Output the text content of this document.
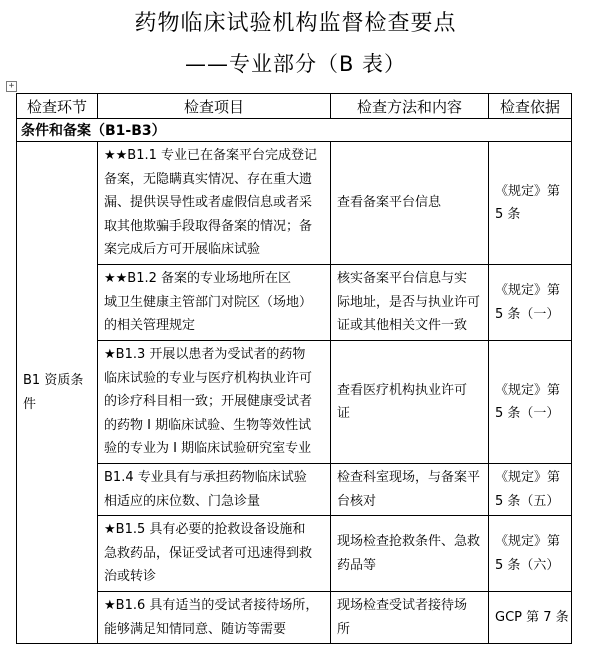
药物临床试验机构监督检查要点
——专业部分（B 表）
+
检查环节	检查项目	检查方法和内容	检查依据
条件和备案（B1-B3）			
B1 资质条
件	★★B1.1 专业已在备案平台完成登记
备案，无隐瞒真实情况、存在重大遗
漏、提供误导性或者虚假信息或者采
取其他欺骗手段取得备案的情况；备
案完成后方可开展临床试验	查看备案平台信息	《规定》第
5 条
	★★B1.2 备案的专业场地所在区
域卫生健康主管部门对院区（场地）
的相关管理规定	核实备案平台信息与实
际地址，是否与执业许可
证或其他相关文件一致	《规定》第
5 条（一）
	★B1.3 开展以患者为受试者的药物
临床试验的专业与医疗机构执业许可
的诊疗科目相一致；开展健康受试者
的药物 Ⅰ 期临床试验、生物等效性试
验的专业为 Ⅰ 期临床试验研究室专业	查看医疗机构执业许可
证	《规定》第
5 条（一）
	B1.4 专业具有与承担药物临床试验
相适应的床位数、门急诊量	检查科室现场，与备案平
台核对	《规定》第
5 条（五）
	★B1.5 具有必要的抢救设备设施和
急救药品，保证受试者可迅速得到救
治或转诊	现场检查抢救条件、急救
药品等	《规定》第
5 条（六）
	★B1.6 具有适当的受试者接待场所，
能够满足知情同意、随访等需要	现场检查受试者接待场
所	GCP 第 7 条
